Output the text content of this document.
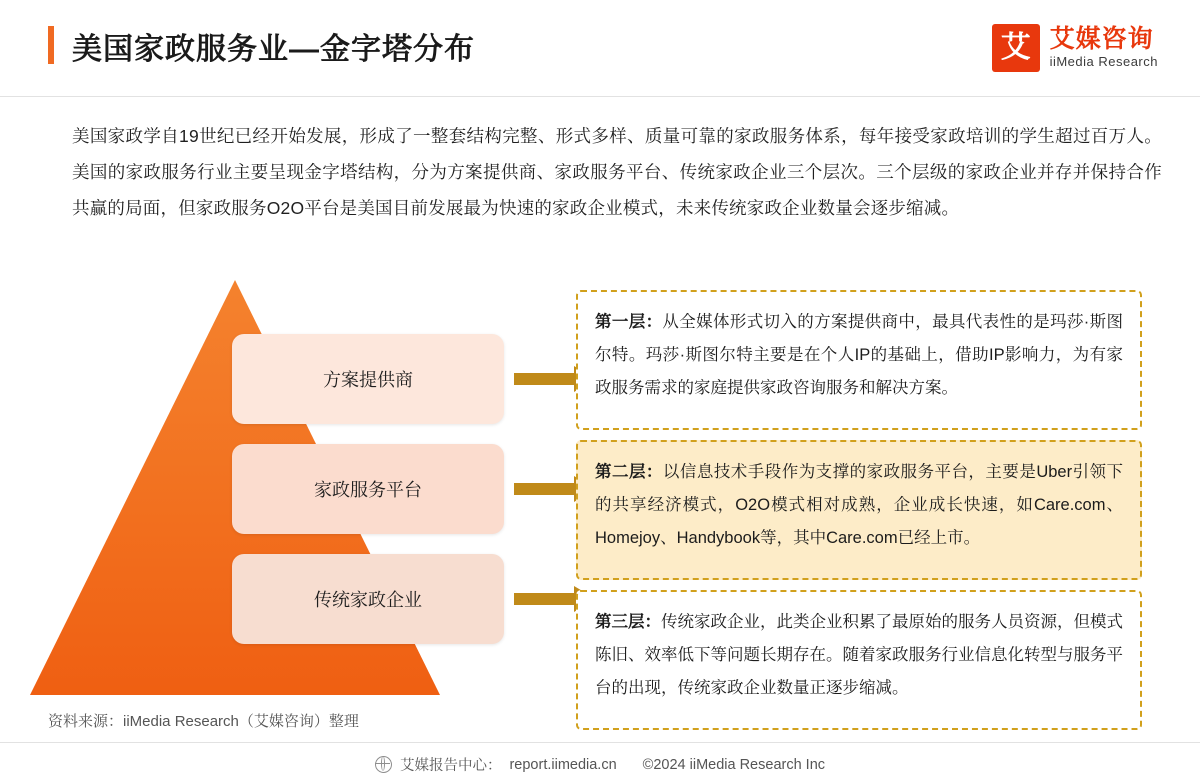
美国家政服务业—金字塔分布	艾 艾媒咨询
iiMedia Research
美国家政学自19世纪已经开始发展，形成了一整套结构完整、形式多样、质量可靠的家政服务体系，每年接受家政培训的学生超过百万人。美国的家政服务行业主要呈现金字塔结构，分为方案提供商、家政服务平台、传统家政企业三个层次。三个层级的家政企业并存并保持合作共赢的局面，但家政服务O2O平台是美国目前发展最为快速的家政企业模式，未来传统家政企业数量会逐步缩减。
方案提供商
家政服务平台
传统家政企业
第一层：从全媒体形式切入的方案提供商中，最具代表性的是玛莎·斯图尔特。玛莎·斯图尔特主要是在个人IP的基础上，借助IP影响力，为有家政服务需求的家庭提供家政咨询服务和解决方案。
第二层：以信息技术手段作为支撑的家政服务平台，主要是Uber引领下的共享经济模式，O2O模式相对成熟，企业成长快速，如Care.com、Homejoy、Handybook等，其中Care.com已经上市。
第三层：传统家政企业，此类企业积累了最原始的服务人员资源，但模式陈旧、效率低下等问题长期存在。随着家政服务行业信息化转型与服务平台的出现，传统家政企业数量正逐步缩减。
资料来源：iiMedia Research（艾媒咨询）整理
艾媒报告中心： report.iimedia.cn ©2024 iiMedia Research Inc
